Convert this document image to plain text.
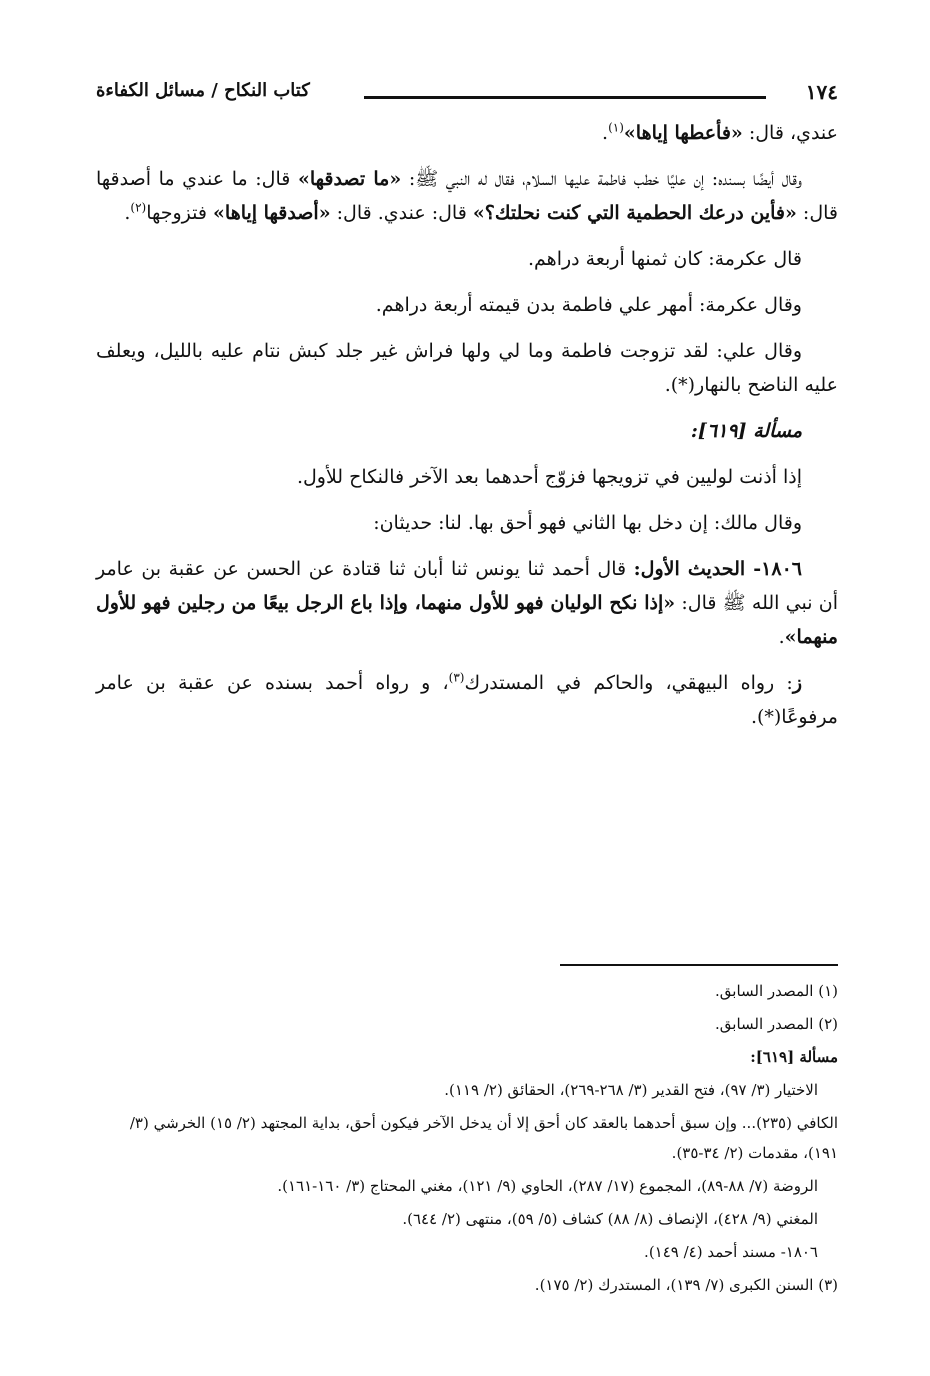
١٧٤
كتاب النكاح / مسائل الكفاءة

عندي، قال: «فأعطها إياها»$^{(١)}$.

وقال أيضًا بسنده: إن عليًا خطب فاطمة عليها السلام، فقال له النبي ﷺ: «ما تصدقها» قال: ما عندي ما أصدقها قال: «فأين درعك الحطمية التي كنت نحلتك؟» قال: عندي. قال: «أصدقها إياها» فتزوجها$^{(٢)}$.

قال عكرمة: كان ثمنها أربعة دراهم.

وقال عكرمة: أمهر علي فاطمة بدن قيمته أربعة دراهم.

وقال علي: لقد تزوجت فاطمة وما لي ولها فراش غير جلد كبش نتام عليه بالليل، ويعلف عليه الناضح بالنهار(*).

مسألة [٦١٩]:

إذا أذنت لوليين في تزويجها فزوّج أحدهما بعد الآخر فالنكاح للأول.

وقال مالك: إن دخل بها الثاني فهو أحق بها. لنا: حديثان:

١٨٠٦- الحديث الأول: قال أحمد ثنا يونس ثنا أبان ثنا قتادة عن الحسن عن عقبة بن عامر أن نبي الله ﷺ قال: «إذا نكح الوليان فهو للأول منهما، وإذا باع الرجل بيعًا من رجلين فهو للأول منهما».

ز: رواه البيهقي، والحاكم في المستدرك$^{(٣)}$، و رواه أحمد بسنده عن عقبة بن عامر مرفوعًا(*).

(١) المصدر السابق.

(٢) المصدر السابق.

مسألة [٦١٩]:

الاختيار (٣/ ٩٧)، فتح القدير (٣/ ٢٦٨-٢٦٩)، الحقائق (٢/ ١١٩).

الكافي (٢٣٥)... وإن سبق أحدهما بالعقد كان أحق إلا أن يدخل الآخر فيكون أحق، بداية المجتهد (٢/ ١٥) الخرشي (٣/ ١٩١)، مقدمات (٢/ ٣٤-٣٥).

الروضة (٧/ ٨٨-٨٩)، المجموع (١٧/ ٢٨٧)، الحاوي (٩/ ١٢١)، مغني المحتاج (٣/ ١٦٠-١٦١).

المغني (٩/ ٤٢٨)، الإنصاف (٨/ ٨٨) كشاف (٥/ ٥٩)، منتهى (٢/ ٦٤٤).

١٨٠٦- مسند أحمد (٤/ ١٤٩).

(٣) السنن الكبرى (٧/ ١٣٩)، المستدرك (٢/ ١٧٥).
